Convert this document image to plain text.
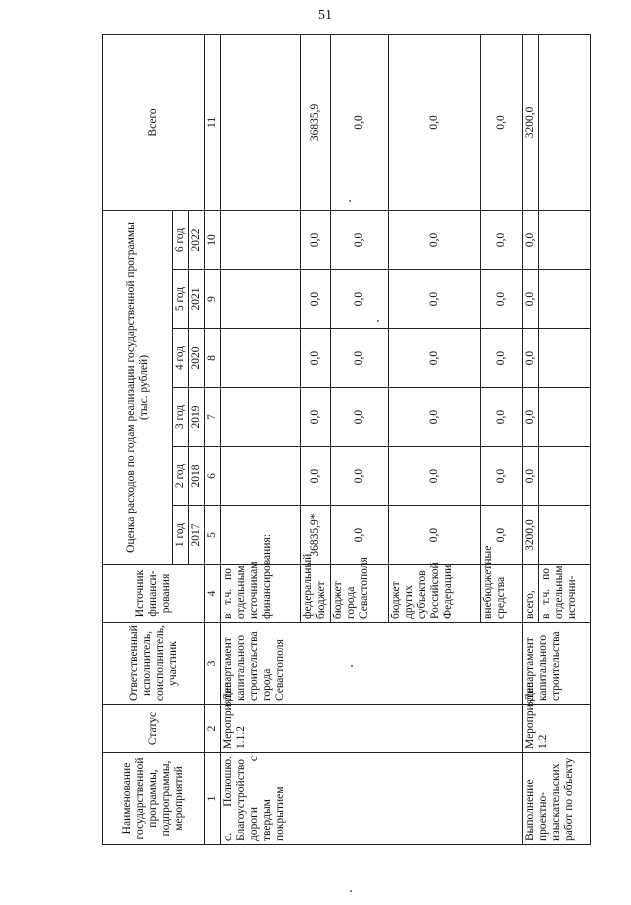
51
Наименование государственной программы, подпрограммы, мероприятий	Статус	Ответственный исполнитель, соисполнитель, участник	Источник финанси-рования	Оценка расходов по годам реализации государственной программы (тыс. рублей)						Всего
				1 год	2 год	3 год	4 год	5 год	6 год	
				2017	2018	2019	2020	2021	2022	
1	2	3	4	5	6	7	8	9	10	11
с. Полюшко. Благоустройство дороги с твердым покрытием	Мероприятие 1.1.2	Департамент капитального строительства города Севастополя	в т.ч. по отдельным источникам финансирования:							
			федеральный бюджет	36835,9*	0,0	0,0	0,0	0,0	0,0	36835,9
			бюджет города Севастополя	0,0	0,0	0,0	0,0	0,0	0,0	0,0
			бюджет других субъектов Российской Федерации	0,0	0,0	0,0	0,0	0,0	0,0	0,0
			внебюджетные средства	0,0	0,0	0,0	0,0	0,0	0,0	0,0
Выполнение проектно-изыскательских работ по объекту	Мероприятие 1.2	Департамент капитального строительства	всего,	3200,0	0,0	0,0	0,0	0,0	0,0	3200,0
			в т.ч. по отдельным источни-							
